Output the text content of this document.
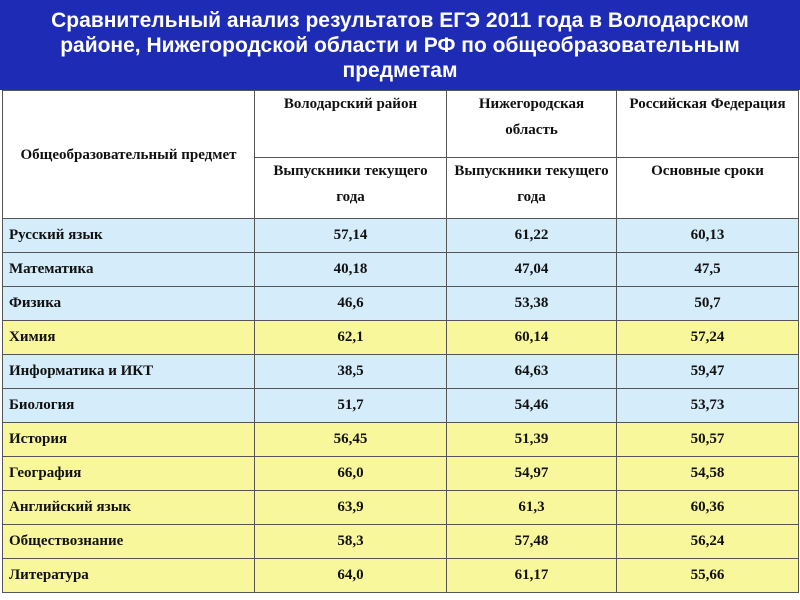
Сравнительный анализ результатов ЕГЭ 2011 года в Володарском районе, Нижегородской области и РФ по общеобразовательным предметам
Общеобразовательный предмет	Володарский район	Нижегородская область	Российская Федерация
	Выпускники текущего года	Выпускники текущего года	Основные сроки
Русский язык	57,14	61,22	60,13
Математика	40,18	47,04	47,5
Физика	46,6	53,38	50,7
Химия	62,1	60,14	57,24
Информатика и ИКТ	38,5	64,63	59,47
Биология	51,7	54,46	53,73
История	56,45	51,39	50,57
География	66,0	54,97	54,58
Английский язык	63,9	61,3	60,36
Обществознание	58,3	57,48	56,24
Литература	64,0	61,17	55,66
